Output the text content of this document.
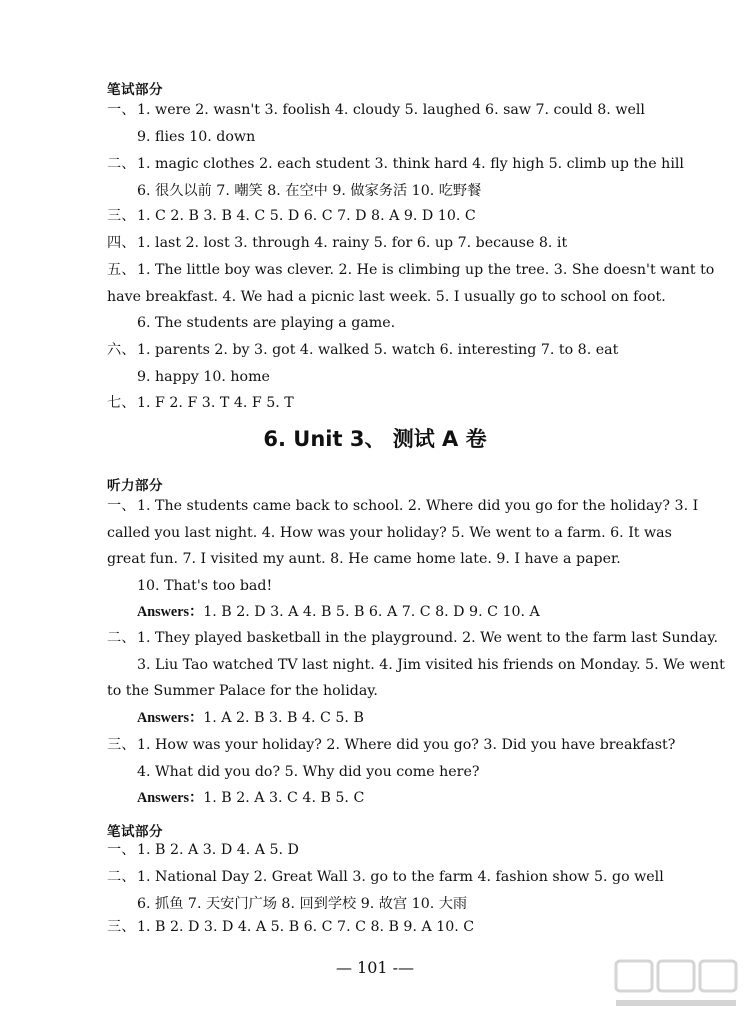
笔试部分
一、 1. were 2. wasn't 3. foolish 4. cloudy 5. laughed 6. saw 7. could 8. well
9. flies 10. down
二、 1. magic clothes 2. each student 3. think hard 4. fly high 5. climb up the hill
6. 很久以前 7. 嘲笑 8. 在空中 9. 做家务活 10. 吃野餐
三、 1. C 2. B 3. B 4. C 5. D 6. C 7. D 8. A 9. D 10. C
四、 1. last 2. lost 3. through 4. rainy 5. for 6. up 7. because 8. it
五、 1. The little boy was clever. 2. He is climbing up the tree. 3. She doesn't want to
have breakfast. 4. We had a picnic last week. 5. I usually go to school on foot.
6. The students are playing a game.
六、 1. parents 2. by 3. got 4. walked 5. watch 6. interesting 7. to 8. eat
9. happy 10. home
七、 1. F 2. F 3. T 4. F 5. T
6. Unit 3、 测试 A 卷
听力部分
一、 1. The students came back to school. 2. Where did you go for the holiday? 3. I
called you last night. 4. How was your holiday? 5. We went to a farm. 6. It was
great fun. 7. I visited my aunt. 8. He came home late. 9. I have a paper.
10. That's too bad!
Answers：1. B 2. D 3. A 4. B 5. B 6. A 7. C 8. D 9. C 10. A
二、 1. They played basketball in the playground. 2. We went to the farm last Sunday.
3. Liu Tao watched TV last night. 4. Jim visited his friends on Monday. 5. We went
to the Summer Palace for the holiday.
Answers：1. A 2. B 3. B 4. C 5. B
三、 1. How was your holiday? 2. Where did you go? 3. Did you have breakfast?
4. What did you do? 5. Why did you come here?
Answers：1. B 2. A 3. C 4. B 5. C
笔试部分
一、 1. B 2. A 3. D 4. A 5. D
二、 1. National Day 2. Great Wall 3. go to the farm 4. fashion show 5. go well
6. 抓鱼 7. 天安门广场 8. 回到学校 9. 故宫 10. 大雨
三、 1. B 2. D 3. D 4. A 5. B 6. C 7. C 8. B 9. A 10. C
— 101 -—
